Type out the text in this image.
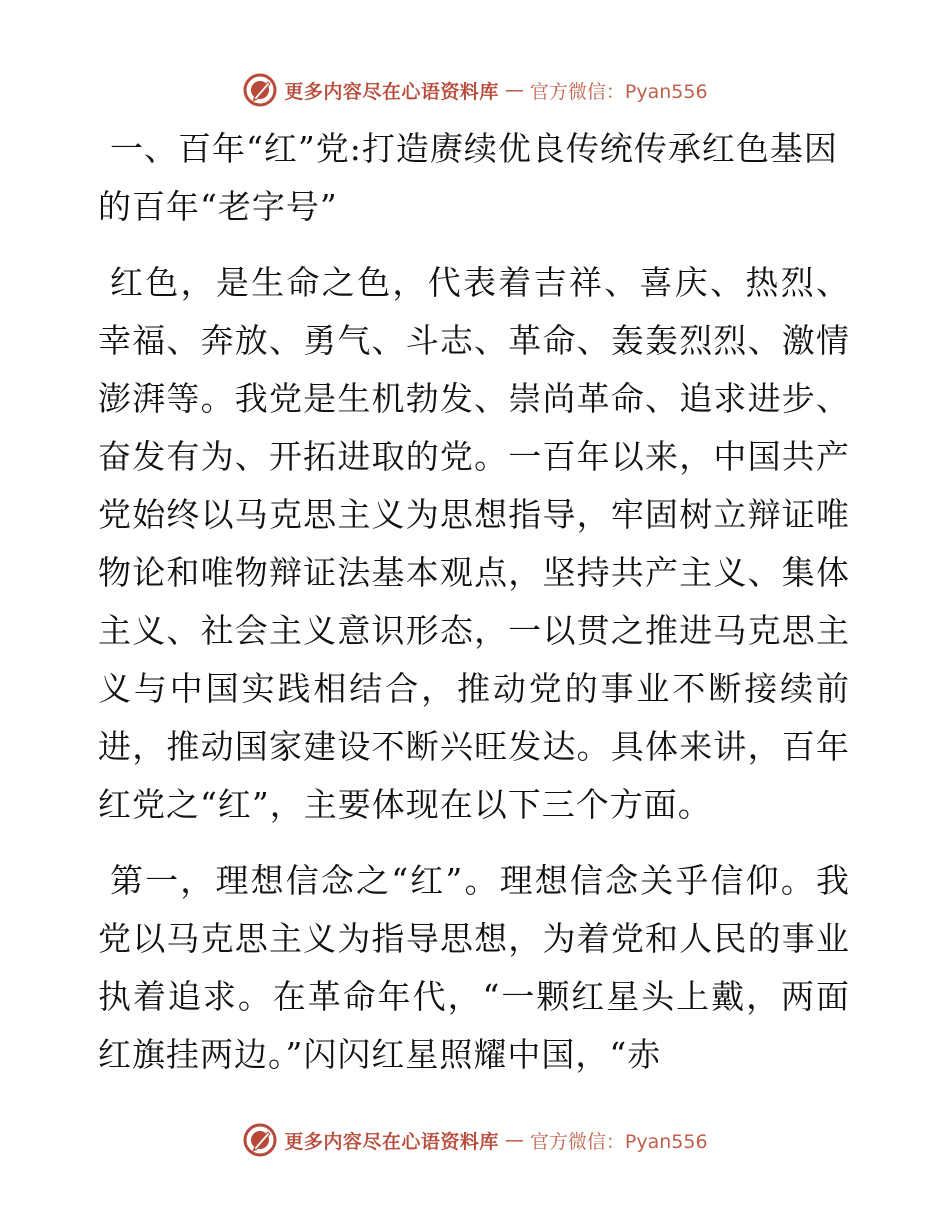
更多内容尽在心语资料库 — 官方微信：Pyan556
一、百年“红”党:打造赓续优良传统传承红色基因的百年“老字号”

红色，是生命之色，代表着吉祥、喜庆、热烈、幸福、奔放、勇气、斗志、革命、轰轰烈烈、激情澎湃等。我党是生机勃发、崇尚革命、追求进步、奋发有为、开拓进取的党。一百年以来，中国共产党始终以马克思主义为思想指导，牢固树立辩证唯物论和唯物辩证法基本观点，坚持共产主义、集体主义、社会主义意识形态，一以贯之推进马克思主义与中国实践相结合，推动党的事业不断接续前进，推动国家建设不断兴旺发达。具体来讲，百年红党之“红”，主要体现在以下三个方面。

第一，理想信念之“红”。理想信念关乎信仰。我党以马克思主义为指导思想，为着党和人民的事业执着追求。在革命年代，“一颗红星头上戴，两面红旗挂两边。”闪闪红星照耀中国，“赤

更多内容尽在心语资料库 — 官方微信：Pyan556
